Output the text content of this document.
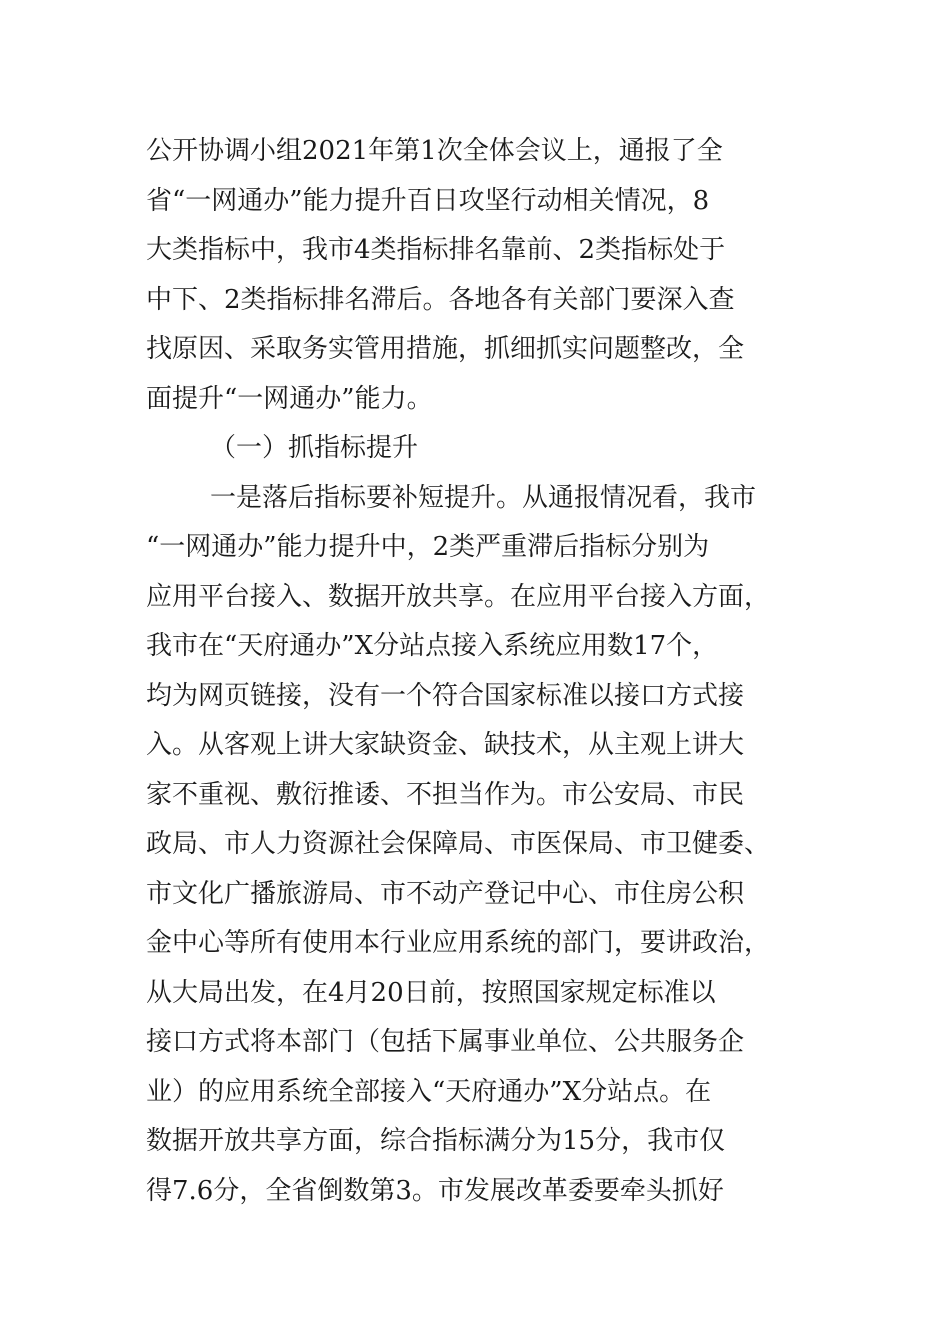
公开协调小组2021年第1次全体会议上，通报了全
省“一网通办”能力提升百日攻坚行动相关情况，8
大类指标中，我市4类指标排名靠前、2类指标处于
中下、2类指标排名滞后。各地各有关部门要深入查
找原因、采取务实管用措施，抓细抓实问题整改，全
面提升“一网通办”能力。
（一）抓指标提升
一是落后指标要补短提升。从通报情况看，我市
“一网通办”能力提升中，2类严重滞后指标分别为
应用平台接入、数据开放共享。在应用平台接入方面，
我市在“天府通办”X分站点接入系统应用数17个，
均为网页链接，没有一个符合国家标准以接口方式接
入。从客观上讲大家缺资金、缺技术，从主观上讲大
家不重视、敷衍推诿、不担当作为。市公安局、市民
政局、市人力资源社会保障局、市医保局、市卫健委、
市文化广播旅游局、市不动产登记中心、市住房公积
金中心等所有使用本行业应用系统的部门，要讲政治，
从大局出发，在4月20日前，按照国家规定标准以
接口方式将本部门（包括下属事业单位、公共服务企
业）的应用系统全部接入“天府通办”X分站点。在
数据开放共享方面，综合指标满分为15分，我市仅
得7.6分，全省倒数第3。市发展改革委要牵头抓好
